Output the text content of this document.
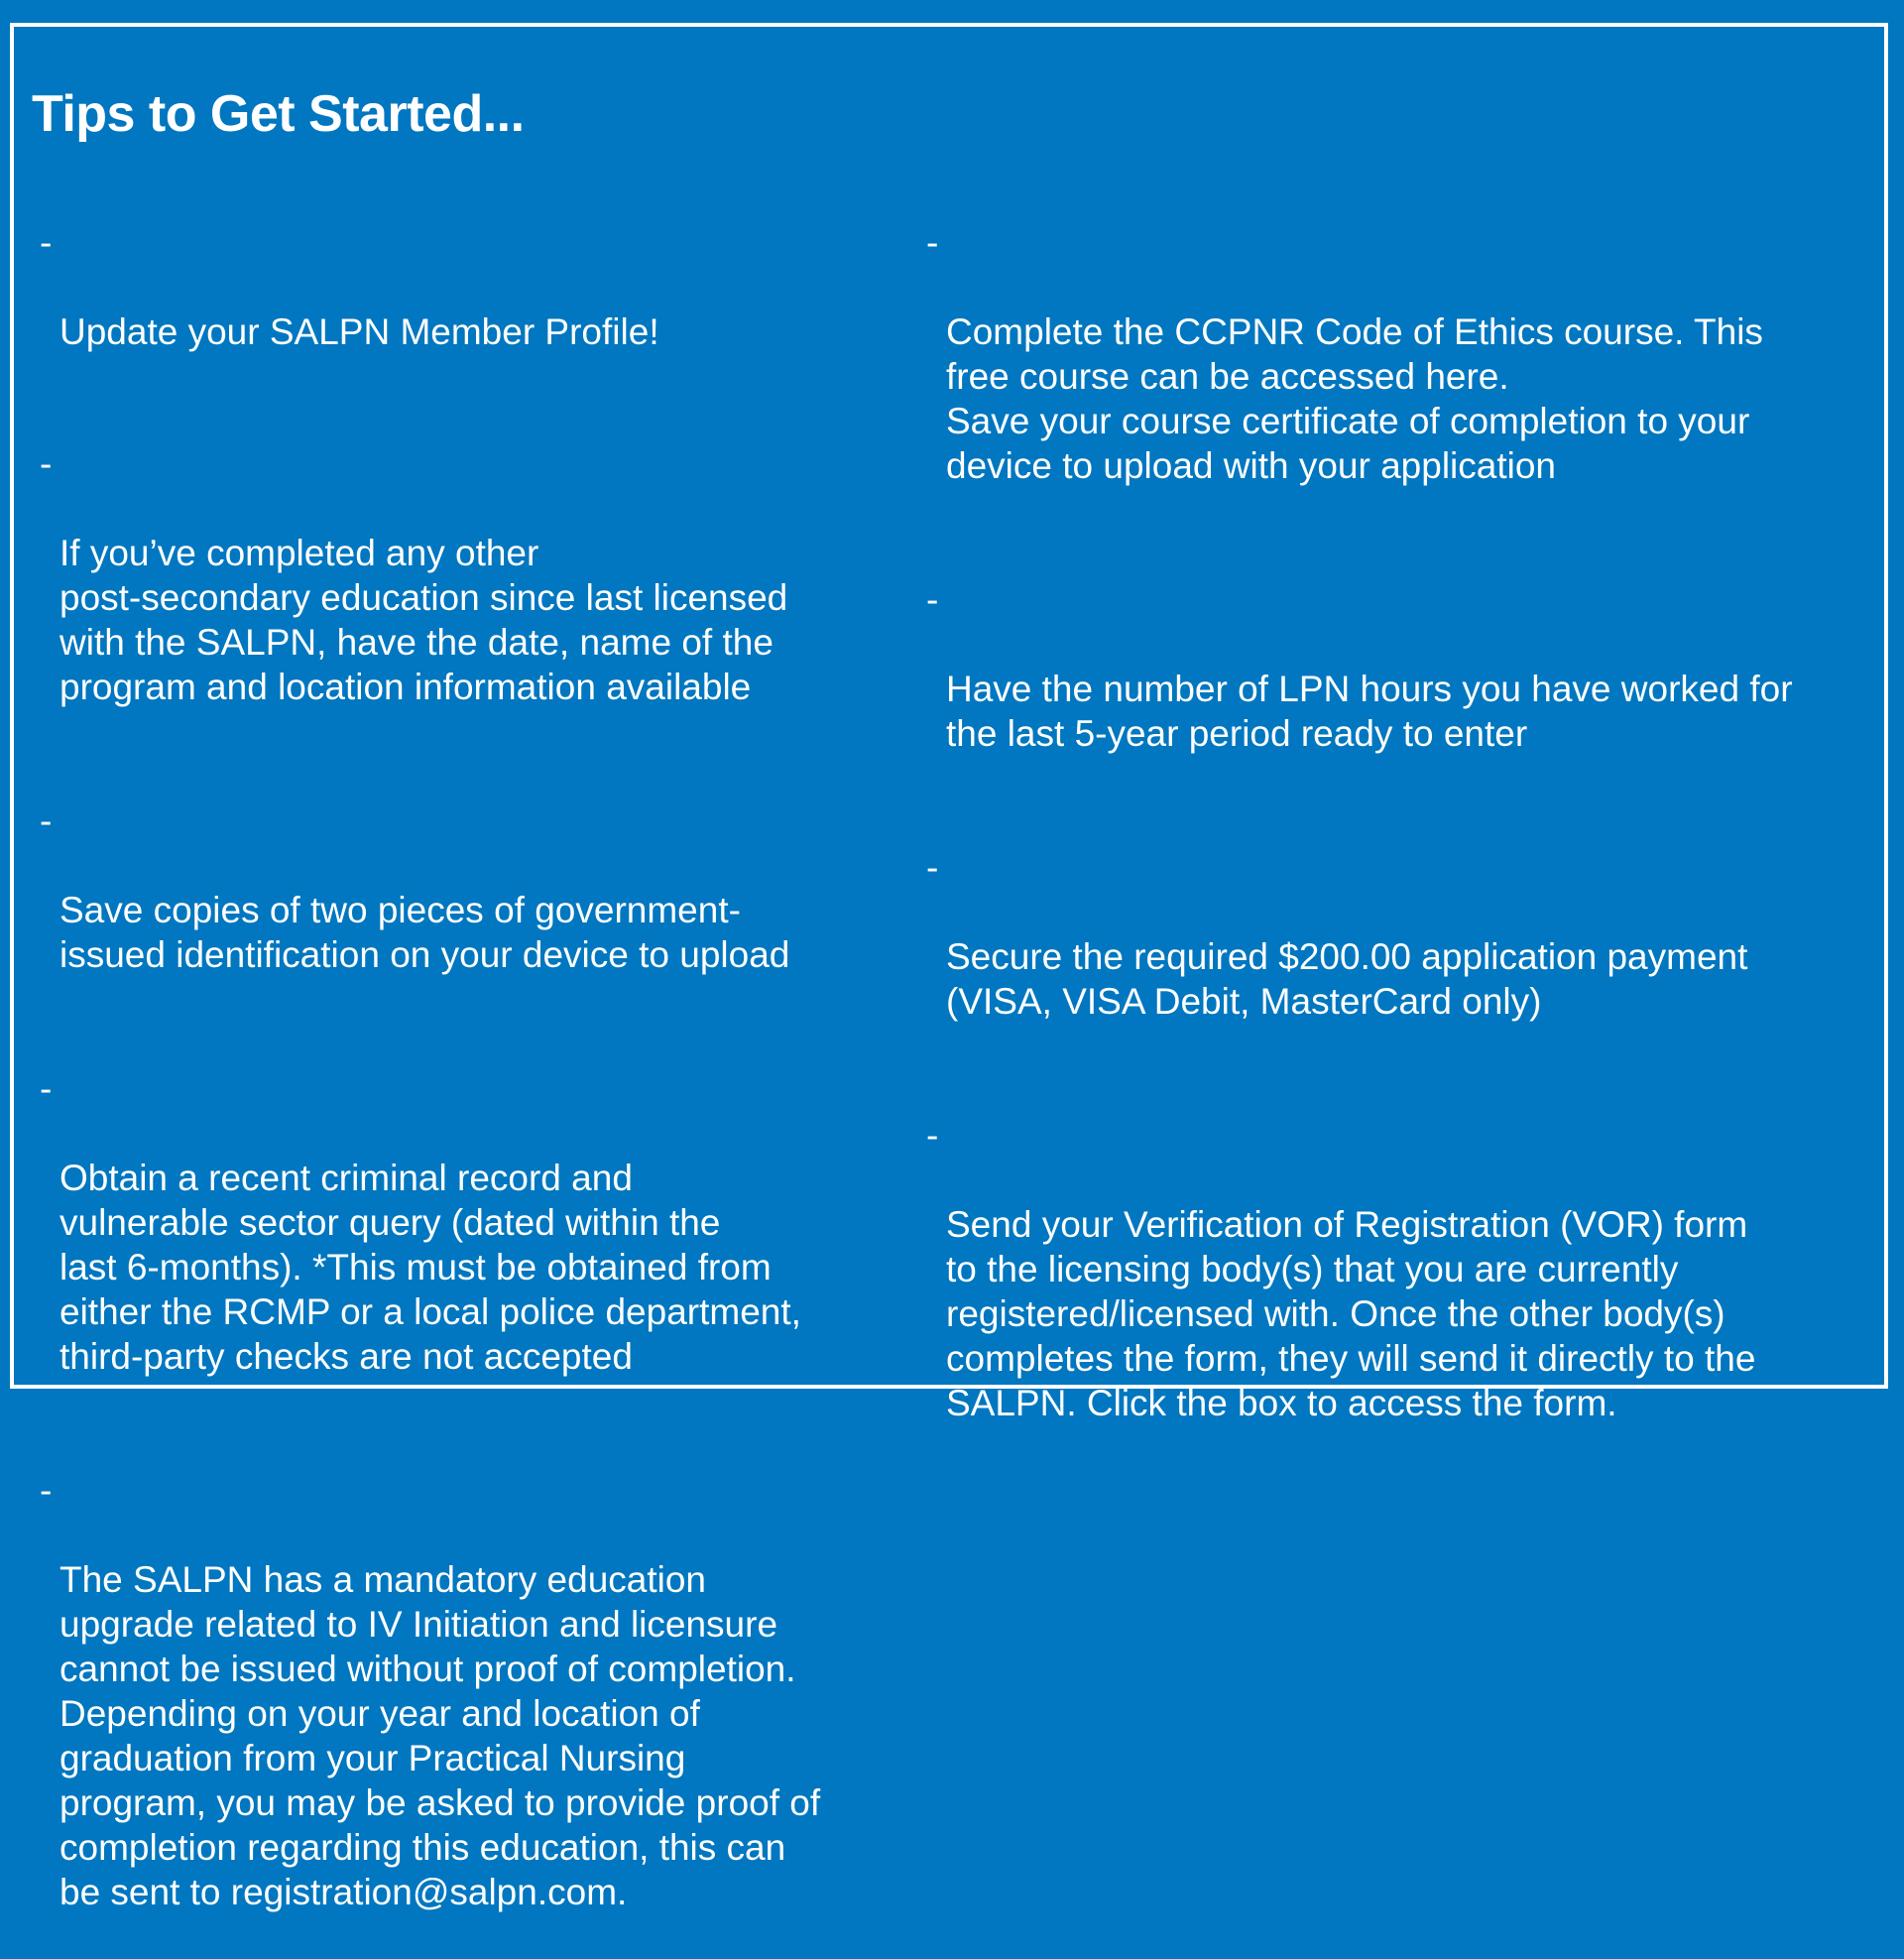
Tips to Get Started...

-

Update your SALPN Member Profile!

-

If you’ve completed any other
post-secondary education since last licensed
with the SALPN, have the date, name of the
program and location information available

-

Save copies of two pieces of government-
issued identification on your device to upload

-

Obtain a recent criminal record and
vulnerable sector query (dated within the
last 6-months). *This must be obtained from
either the RCMP or a local police department,
third-party checks are not accepted

-

The SALPN has a mandatory education
upgrade related to IV Initiation and licensure
cannot be issued without proof of completion.
Depending on your year and location of
graduation from your Practical Nursing
program, you may be asked to provide proof of
completion regarding this education, this can
be sent to registration@salpn.com.

-

Complete the CCPNR Code of Ethics course. This
free course can be accessed here.
Save your course certificate of completion to your
device to upload with your application

-

Have the number of LPN hours you have worked for
the last 5-year period ready to enter

-

Secure the required $200.00 application payment
(VISA, VISA Debit, MasterCard only)

-

Send your Verification of Registration (VOR) form
to the licensing body(s) that you are currently
registered/licensed with. Once the other body(s)
completes the form, they will send it directly to the
SALPN. Click the box to access the form.
